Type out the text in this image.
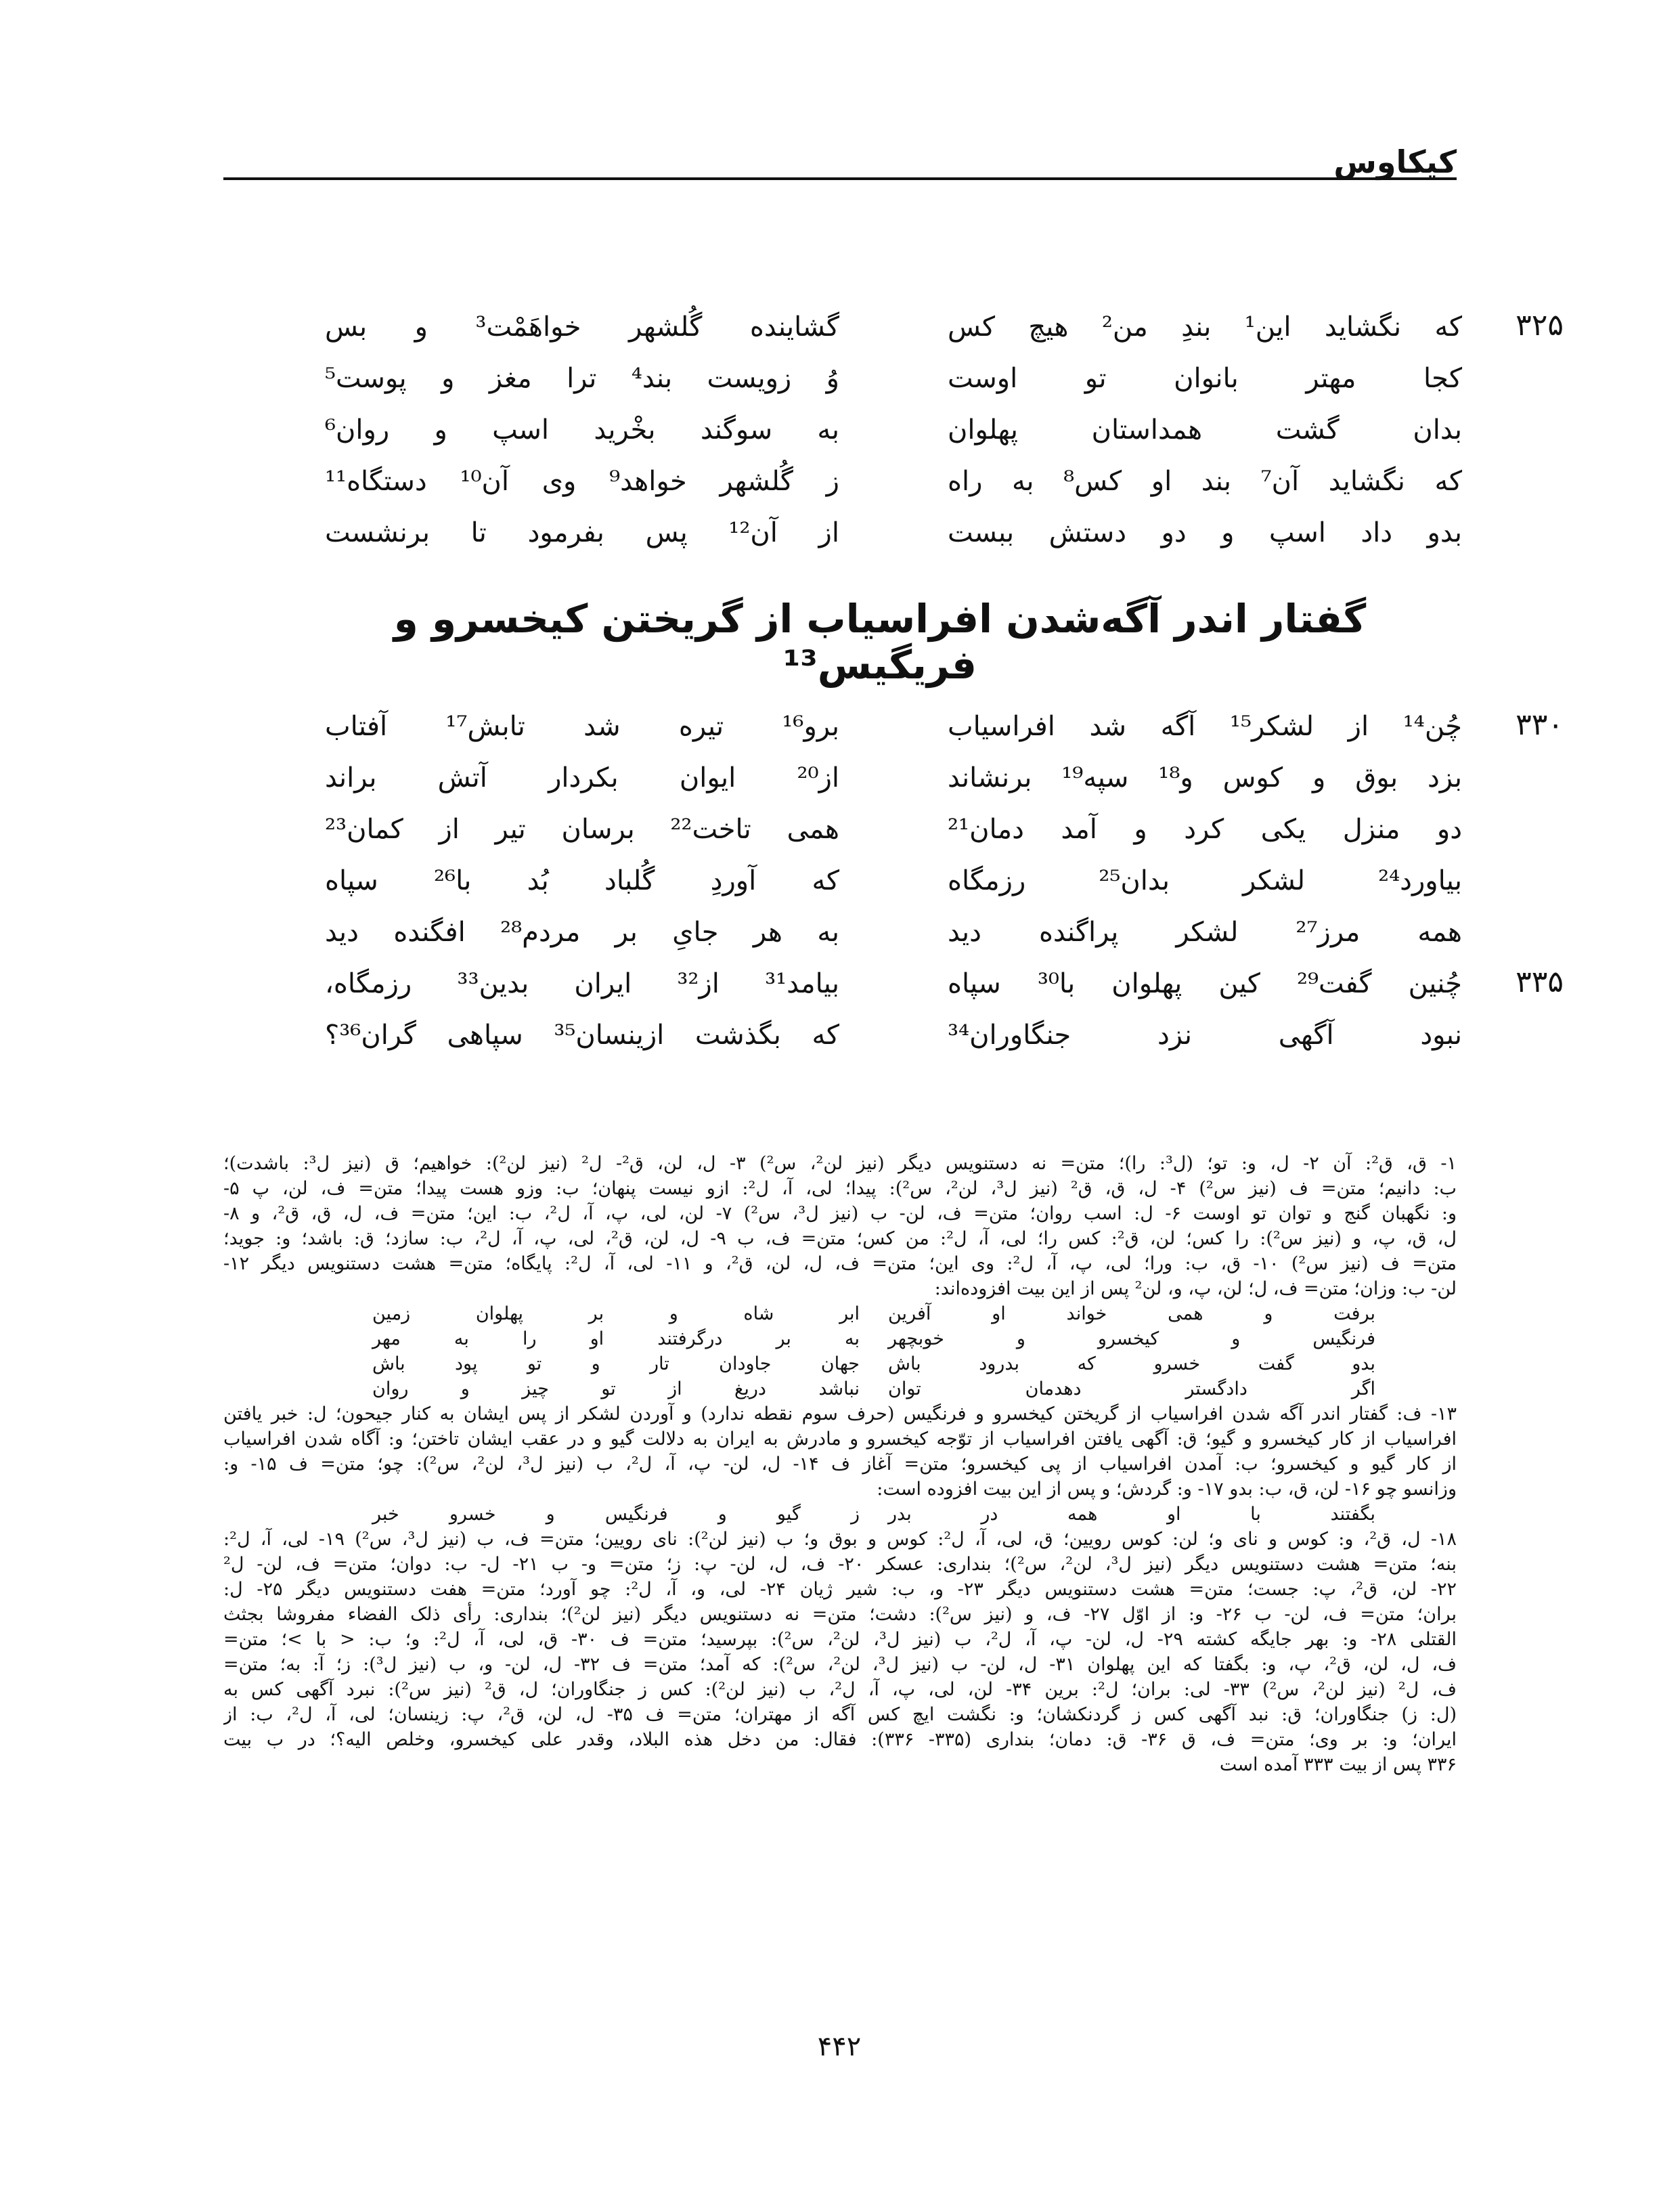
کیکاوس
۳۲۵
که نگشاید این¹ بندِ من² هیچ کس
گشاینده گُلشهر خواهَمْت³ و بس
کجا مهتر بانوان تو اوست
وُ زویست بند⁴ ترا مغز و پوست⁵
بدان گشت همداستان پهلوان
به سوگند بخْرید اسپ و روان⁶
که نگشاید آن⁷ بند او کس⁸ به راه
ز گُلشهر خواهد⁹ وی آن¹⁰ دستگاه¹¹
بدو داد اسپ و دو دستش ببست
از آن¹² پس بفرمود تا برنشست
گفتار اندر آگه‌شدن افراسیاب از گریختن کیخسرو و فریگیس¹³
۳۳۰
چُن¹⁴ از لشکر¹⁵ آگه شد افراسیاب
برو¹⁶ تیره شد تابش¹⁷ آفتاب
بزد بوق و کوس و¹⁸ سپه¹⁹ برنشاند
از²⁰ ایوان بکردار آتش براند
دو منزل یکی کرد و آمد دمان²¹
همی تاخت²² برسان تیر از کمان²³
بیاورد²⁴ لشکر بدان²⁵ رزمگاه
که آوردِ گُلباد بُد با²⁶ سپاه
همه مرز²⁷ لشکر پراگنده دید
به هر جایِ بر مردم²⁸ افگنده دید
۳۳۵
چُنین گفت²⁹ کین پهلوان با³⁰ سپاه
بیامد³¹ از³² ایران بدین³³ رزمگاه،
نبود آگهی نزد جنگاوران³⁴
که بگذشت ازینسان³⁵ سپاهی گران³⁶؟
۱- ق، ق²: آن ۲- ل، و: تو؛ (ل³: را)؛ متن= نه دستنویس دیگر (نیز لن²، س²) ۳- ل، لن، ق²- ل² (نیز لن²): خواهیم؛ ق (نیز ل³: باشدت)؛
ب: دانیم؛ متن= ف (نیز س²) ۴- ل، ق، ق² (نیز ل³، لن²، س²): پیدا؛ لی، آ، ل²: ازو نیست پنهان؛ ب: وزو هست پیدا؛ متن= ف، لن، پ ۵-
و: نگهبان گنج و توان تو اوست ۶- ل: اسب روان؛ متن= ف، لن- ب (نیز ل³، س²) ۷- لن، لی، پ، آ، ل²، ب: این؛ متن= ف، ل، ق، ق²، و ۸-
ل، ق، پ، و (نیز س²): را کس؛ لن، ق²: کس را؛ لی، آ، ل²: من کس؛ متن= ف، ب ۹- ل، لن، ق²، لی، پ، آ، ل²، ب: سازد؛ ق: باشد؛ و: جوید؛
متن= ف (نیز س²) ۱۰- ق، ب: ورا؛ لی، پ، آ، ل²: وی این؛ متن= ف، ل، لن، ق²، و ۱۱- لی، آ، ل²: پایگاه؛ متن= هشت دستنویس دیگر ۱۲-
لن- ب: وزان؛ متن= ف، ل؛ لن، پ، و، لن² پس از این بیت افزوده‌اند:
برفت و همی خواند او آفرین
ابر شاه و بر پهلوان زمین
فرنگیس و کیخسرو و خوبچهر
به بر درگرفتند او را به مهر
بدو گفت خسرو که بدرود باش
جهان جاودان تار و تو پود باش
اگر دادگستر دهدمان توان
نباشد دریغ از تو چیز و روان
۱۳- ف: گفتار اندر آگه شدن افراسیاب از گریختن کیخسرو و فرنگیس (حرف سوم نقطه ندارد) و آوردن لشکر از پس ایشان به کنار جیحون؛ ل: خبر یافتن
افراسیاب از کار کیخسرو و گیو؛ ق: آگهی یافتن افراسیاب از توّجه کیخسرو و مادرش به ایران به دلالت گیو و در عقب ایشان تاختن؛ و: آگاه شدن افراسیاب
از کار گیو و کیخسرو؛ ب: آمدن افراسیاب از پی کیخسرو؛ متن= آغاز ف ۱۴- ل، لن- پ، آ، ل²، ب (نیز ل³، لن²، س²): چو؛ متن= ف ۱۵- و:
وزانسو چو ۱۶- لن، ق، ب: بدو ۱۷- و: گردش؛ و پس از این بیت افزوده است:
بگفتند با او همه در بدر
ز گیو و فرنگیس و خسرو خبر
۱۸- ل، ق²، و: کوس و نای و؛ لن: کوس رویین؛ ق، لی، آ، ل²: کوس و بوق و؛ ب (نیز لن²): نای رویین؛ متن= ف، ب (نیز ل³، س²) ۱۹- لی، آ، ل²:
بنه؛ متن= هشت دستنویس دیگر (نیز ل³، لن²، س²)؛ بنداری: عسکر ۲۰- ف، ل، لن- پ: ز؛ متن= و- ب ۲۱- ل- ب: دوان؛ متن= ف، لن- ل²
۲۲- لن، ق²، پ: جست؛ متن= هشت دستنویس دیگر ۲۳- و، ب: شیر ژیان ۲۴- لی، و، آ، ل²: چو آورد؛ متن= هفت دستنویس دیگر ۲۵- ل:
بران؛ متن= ف، لن- ب ۲۶- و: از اوّل ۲۷- ف، و (نیز س²): دشت؛ متن= نه دستنویس دیگر (نیز لن²)؛ بنداری: رأی ذلک الفضاء مفروشا بجثث
القتلی ۲۸- و: بهر جایگه کشته ۲۹- ل، لن- پ، آ، ل²، ب (نیز ل³، لن²، س²): بپرسید؛ متن= ف ۳۰- ق، لی، آ، ل²: و؛ ب: < با >؛ متن=
ف، ل، لن، ق²، پ، و: بگفتا که این پهلوان ۳۱- ل، لن- ب (نیز ل³، لن²، س²): که آمد؛ متن= ف ۳۲- ل، لن- و، ب (نیز ل³): ز؛ آ: به؛ متن=
ف، ل² (نیز لن²، س²) ۳۳- لی: بران؛ ل²: برین ۳۴- لن، لی، پ، آ، ل²، ب (نیز لن²): کس ز جنگاوران؛ ل، ق² (نیز س²): نبرد آگهی کس به
(ل: ز) جنگاوران؛ ق: نبد آگهی کس ز گردنکشان؛ و: نگشت ایچ کس آگه از مهتران؛ متن= ف ۳۵- ل، لن، ق²، پ: زینسان؛ لی، آ، ل²، ب: از
ایران؛ و: بر وی؛ متن= ف، ق ۳۶- ق: دمان؛ بنداری (۳۳۵- ۳۳۶): فقال: من دخل هذه البلاد، وقدر علی کیخسرو، وخلص الیه؟؛ در ب بیت
۳۳۶ پس از بیت ۳۳۳ آمده است
۴۴۲
